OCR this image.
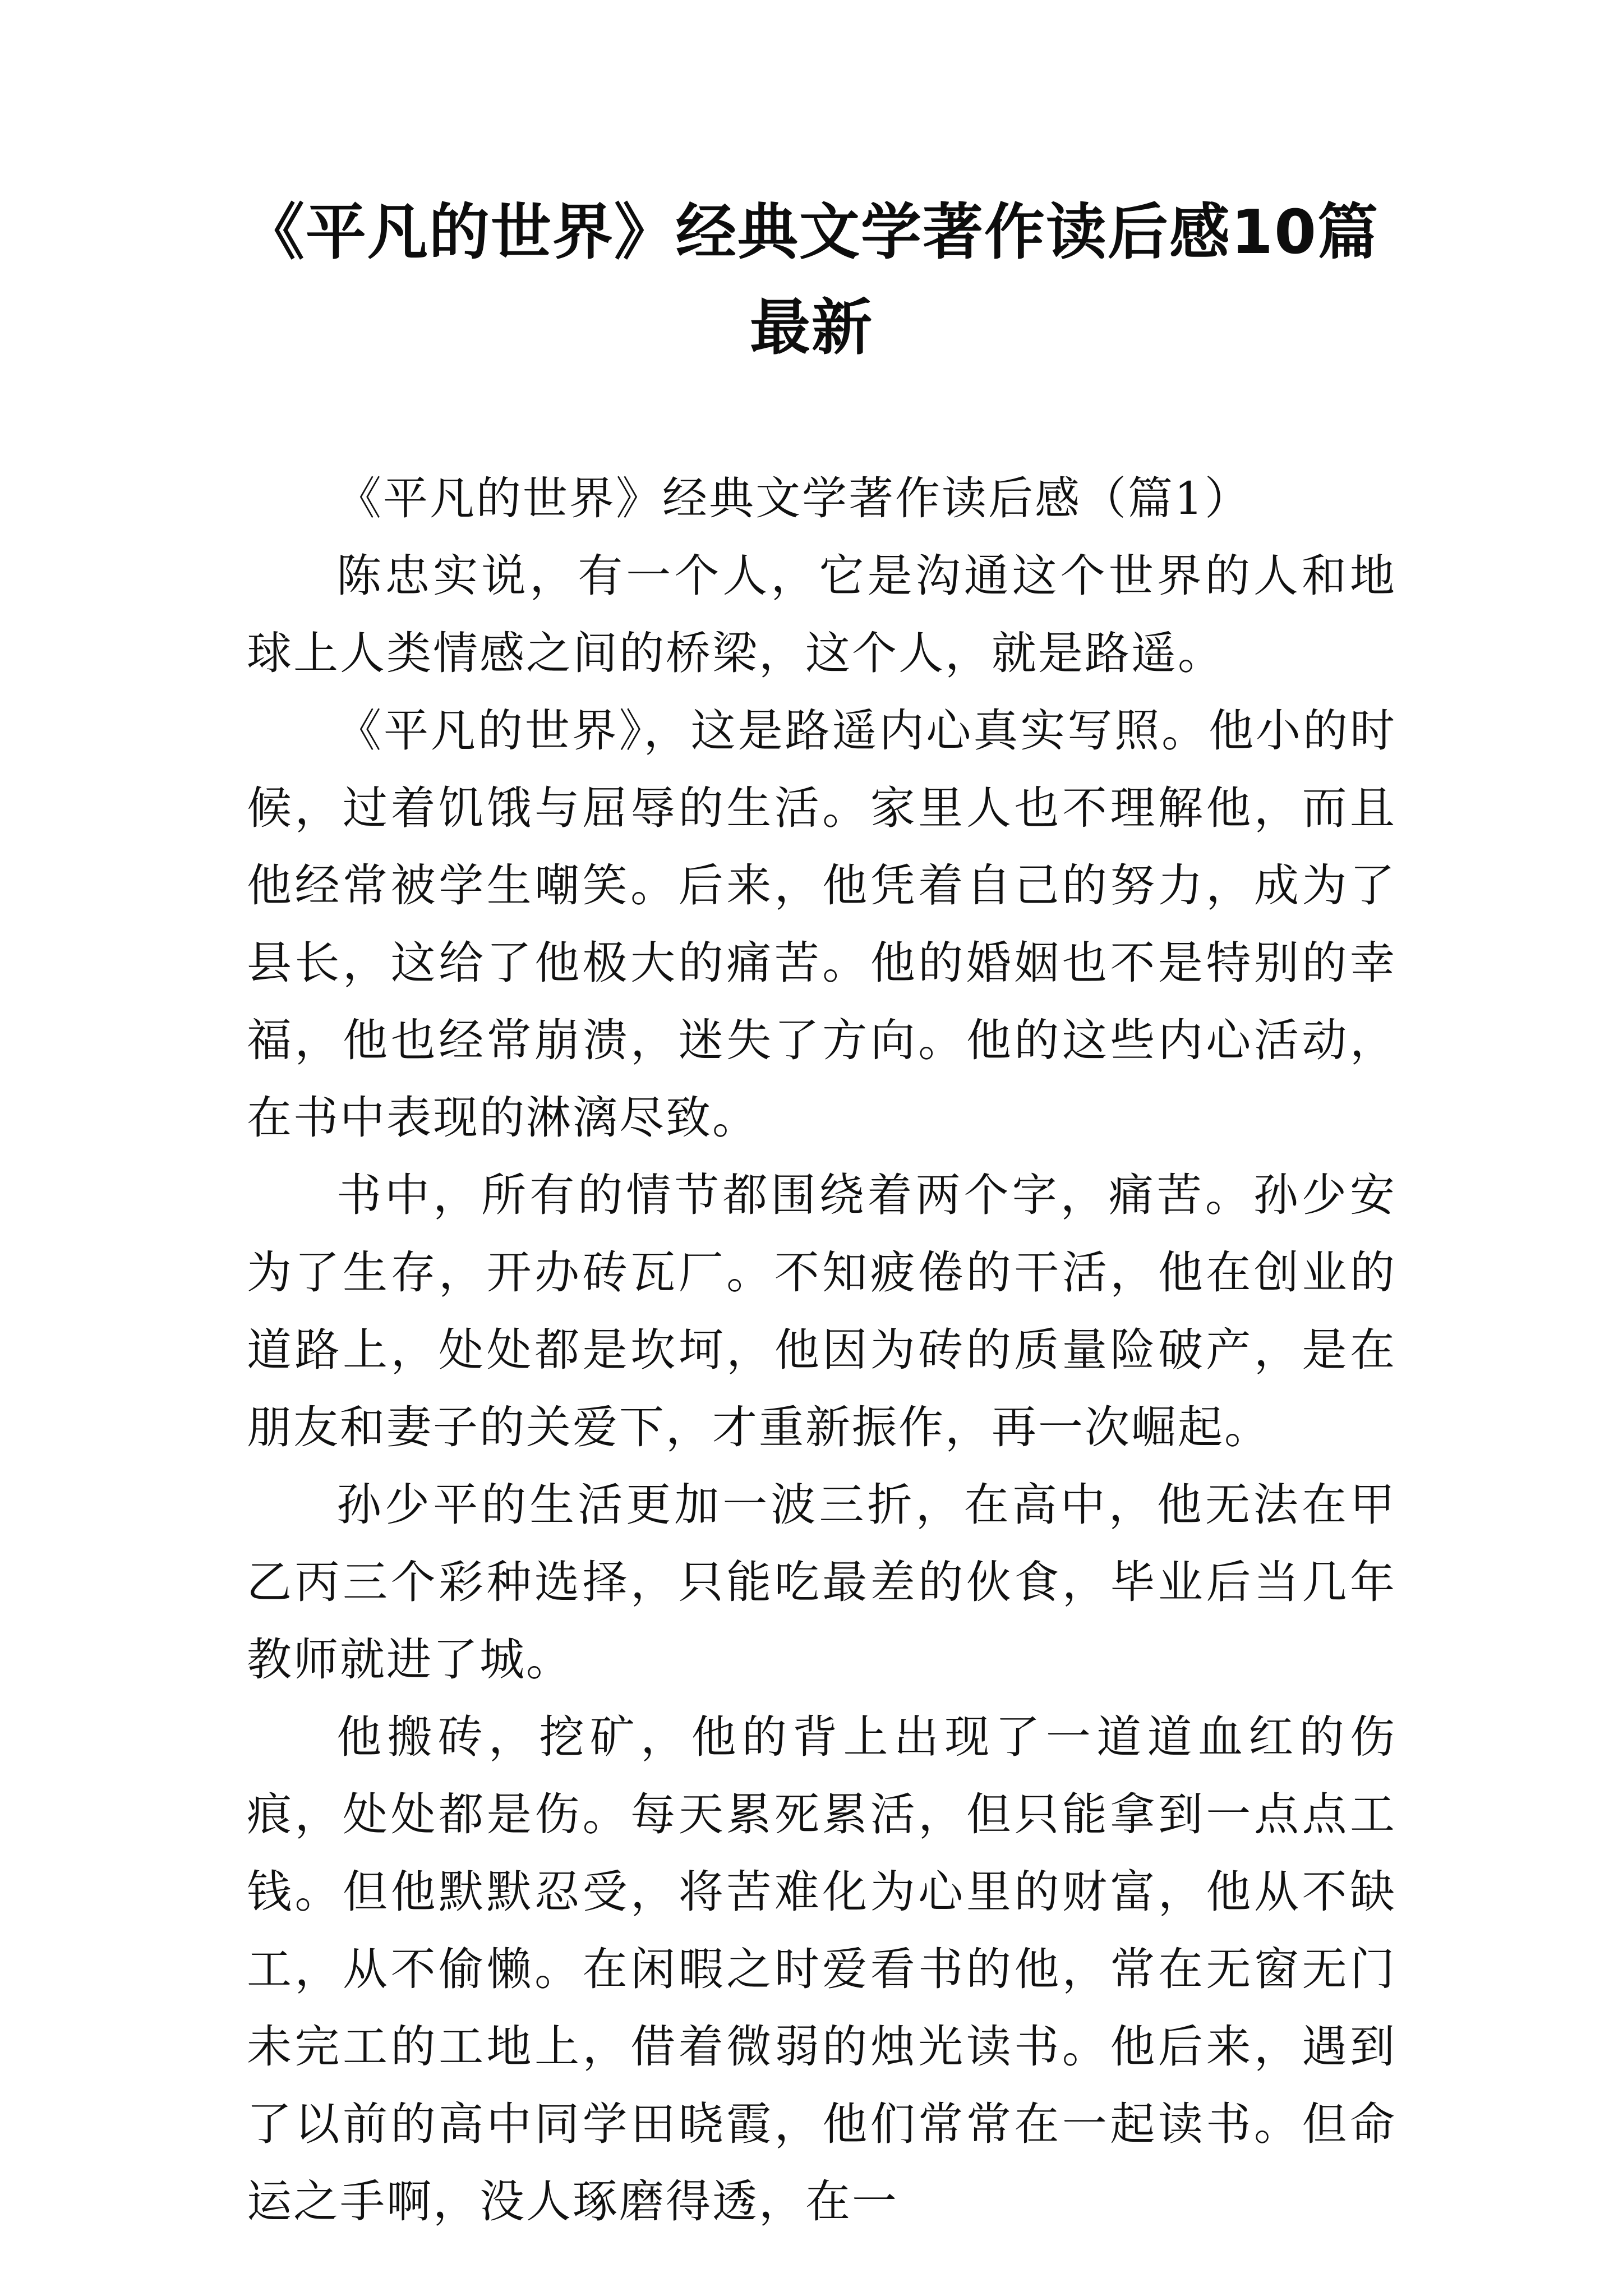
《平凡的世界》经典文学著作读后感10篇最新

《平凡的世界》经典文学著作读后感（篇1）

陈忠实说，有一个人，它是沟通这个世界的人和地球上人类情感之间的桥梁，这个人，就是路遥。

《平凡的世界》，这是路遥内心真实写照。他小的时候，过着饥饿与屈辱的生活。家里人也不理解他，而且他经常被学生嘲笑。后来，他凭着自己的努力，成为了县长，这给了他极大的痛苦。他的婚姻也不是特别的幸福，他也经常崩溃，迷失了方向。他的这些内心活动，在书中表现的淋漓尽致。

书中，所有的情节都围绕着两个字，痛苦。孙少安为了生存，开办砖瓦厂。不知疲倦的干活，他在创业的道路上，处处都是坎坷，他因为砖的质量险破产，是在朋友和妻子的关爱下，才重新振作，再一次崛起。

孙少平的生活更加一波三折，在高中，他无法在甲乙丙三个彩种选择，只能吃最差的伙食，毕业后当几年教师就进了城。

他搬砖，挖矿，他的背上出现了一道道血红的伤痕，处处都是伤。每天累死累活，但只能拿到一点点工钱。但他默默忍受，将苦难化为心里的财富，他从不缺工，从不偷懒。在闲暇之时爱看书的他，常在无窗无门未完工的工地上，借着微弱的烛光读书。他后来，遇到了以前的高中同学田晓霞，他们常常在一起读书。但命运之手啊，没人琢磨得透，在一
